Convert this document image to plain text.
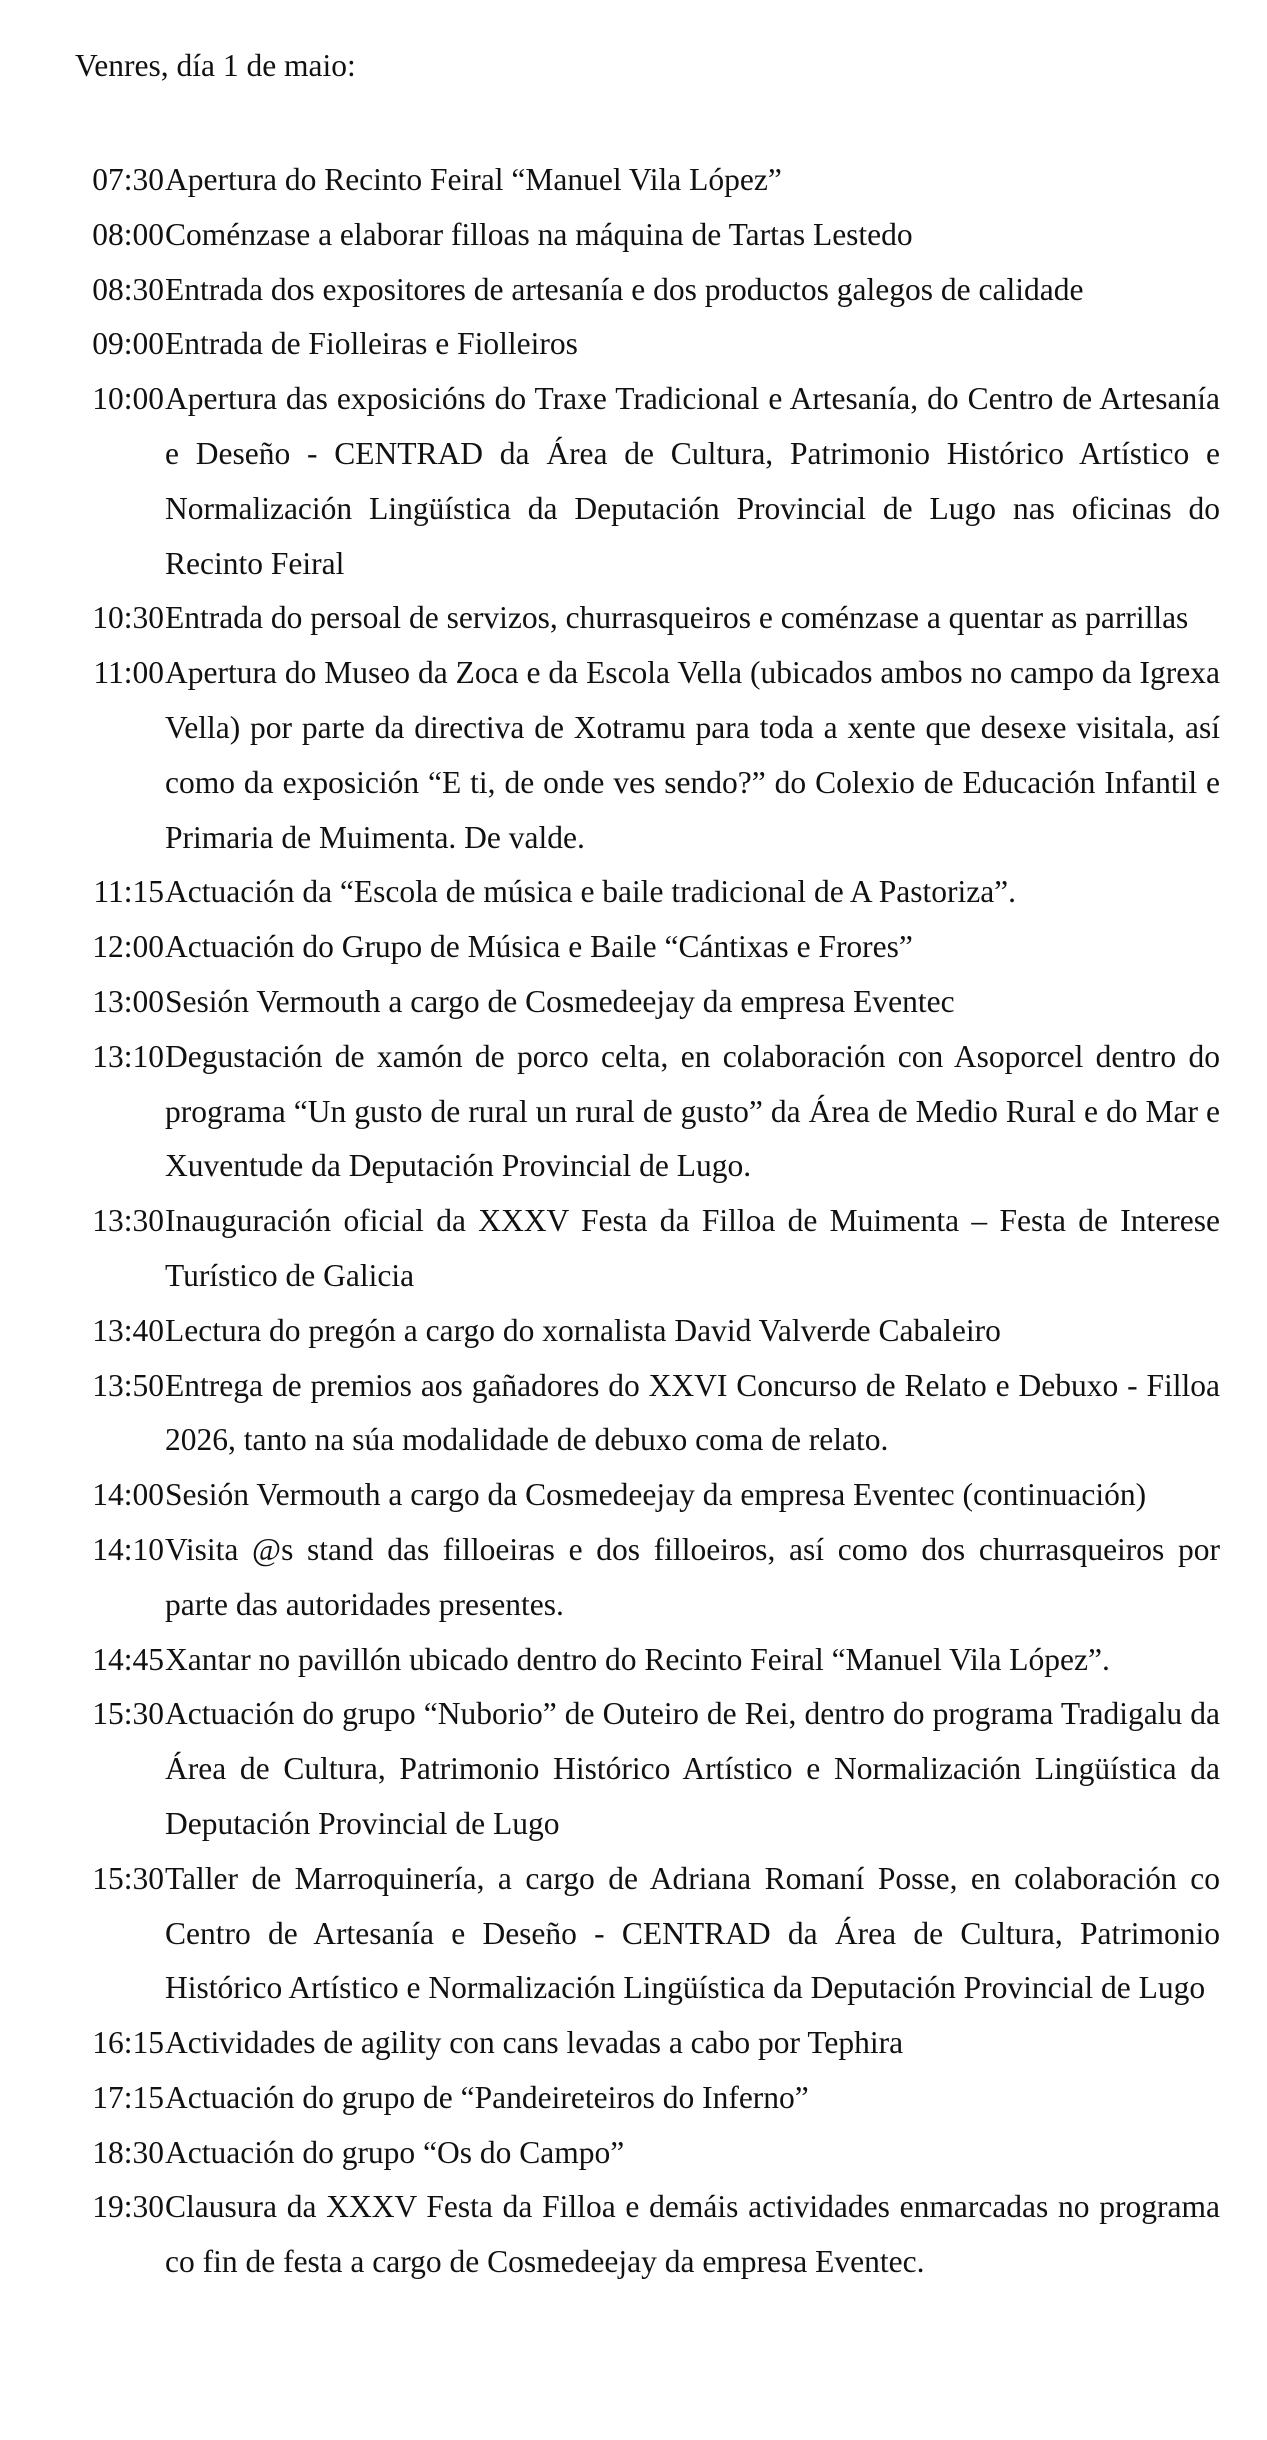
Venres, día 1 de maio:
07:30 Apertura do Recinto Feiral “Manuel Vila López”
08:00 Coménzase a elaborar filloas na máquina de Tartas Lestedo
08:30 Entrada dos expositores de artesanía e dos productos galegos de calidade
09:00 Entrada de Fiolleiras e Fiolleiros
10:00 Apertura das exposicións do Traxe Tradicional e Artesanía, do Centro de Artesanía e Deseño - CENTRAD da Área de Cultura, Patrimonio Histórico Artístico e Normalización Lingüística da Deputación Provincial de Lugo nas oficinas do Recinto Feiral
10:30 Entrada do persoal de servizos, churrasqueiros e coménzase a quentar as parrillas
11:00 Apertura do Museo da Zoca e da Escola Vella (ubicados ambos no campo da Igrexa Vella) por parte da directiva de Xotramu para toda a xente que desexe visitala, así como da exposición “E ti, de onde ves sendo?” do Colexio de Educación Infantil e Primaria de Muimenta. De valde.
11:15 Actuación da “Escola de música e baile tradicional de A Pastoriza”.
12:00 Actuación do Grupo de Música e Baile “Cántixas e Frores”
13:00 Sesión Vermouth a cargo de Cosmedeejay da empresa Eventec
13:10 Degustación de xamón de porco celta, en colaboración con Asoporcel dentro do programa “Un gusto de rural un rural de gusto” da Área de Medio Rural e do Mar e Xuventude da Deputación Provincial de Lugo.
13:30 Inauguración oficial da XXXV Festa da Filloa de Muimenta – Festa de Interese Turístico de Galicia
13:40 Lectura do pregón a cargo do xornalista David Valverde Cabaleiro
13:50 Entrega de premios aos gañadores do XXVI Concurso de Relato e Debuxo - Filloa 2026, tanto na súa modalidade de debuxo coma de relato.
14:00 Sesión Vermouth a cargo da Cosmedeejay da empresa Eventec (continuación)
14:10 Visita @s stand das filloeiras e dos filloeiros, así como dos churrasqueiros por parte das autoridades presentes.
14:45 Xantar no pavillón ubicado dentro do Recinto Feiral “Manuel Vila López”.
15:30 Actuación do grupo “Nuborio” de Outeiro de Rei, dentro do programa Tradigalu da Área de Cultura, Patrimonio Histórico Artístico e Normalización Lingüística da Deputación Provincial de Lugo
15:30 Taller de Marroquinería, a cargo de Adriana Romaní Posse, en colaboración co Centro de Artesanía e Deseño - CENTRAD da Área de Cultura, Patrimonio Histórico Artístico e Normalización Lingüística da Deputación Provincial de Lugo
16:15 Actividades de agility con cans levadas a cabo por Tephira
17:15 Actuación do grupo de “Pandeireteiros do Inferno”
18:30 Actuación do grupo “Os do Campo”
19:30 Clausura da XXXV Festa da Filloa e demáis actividades enmarcadas no programa co fin de festa a cargo de Cosmedeejay da empresa Eventec.
